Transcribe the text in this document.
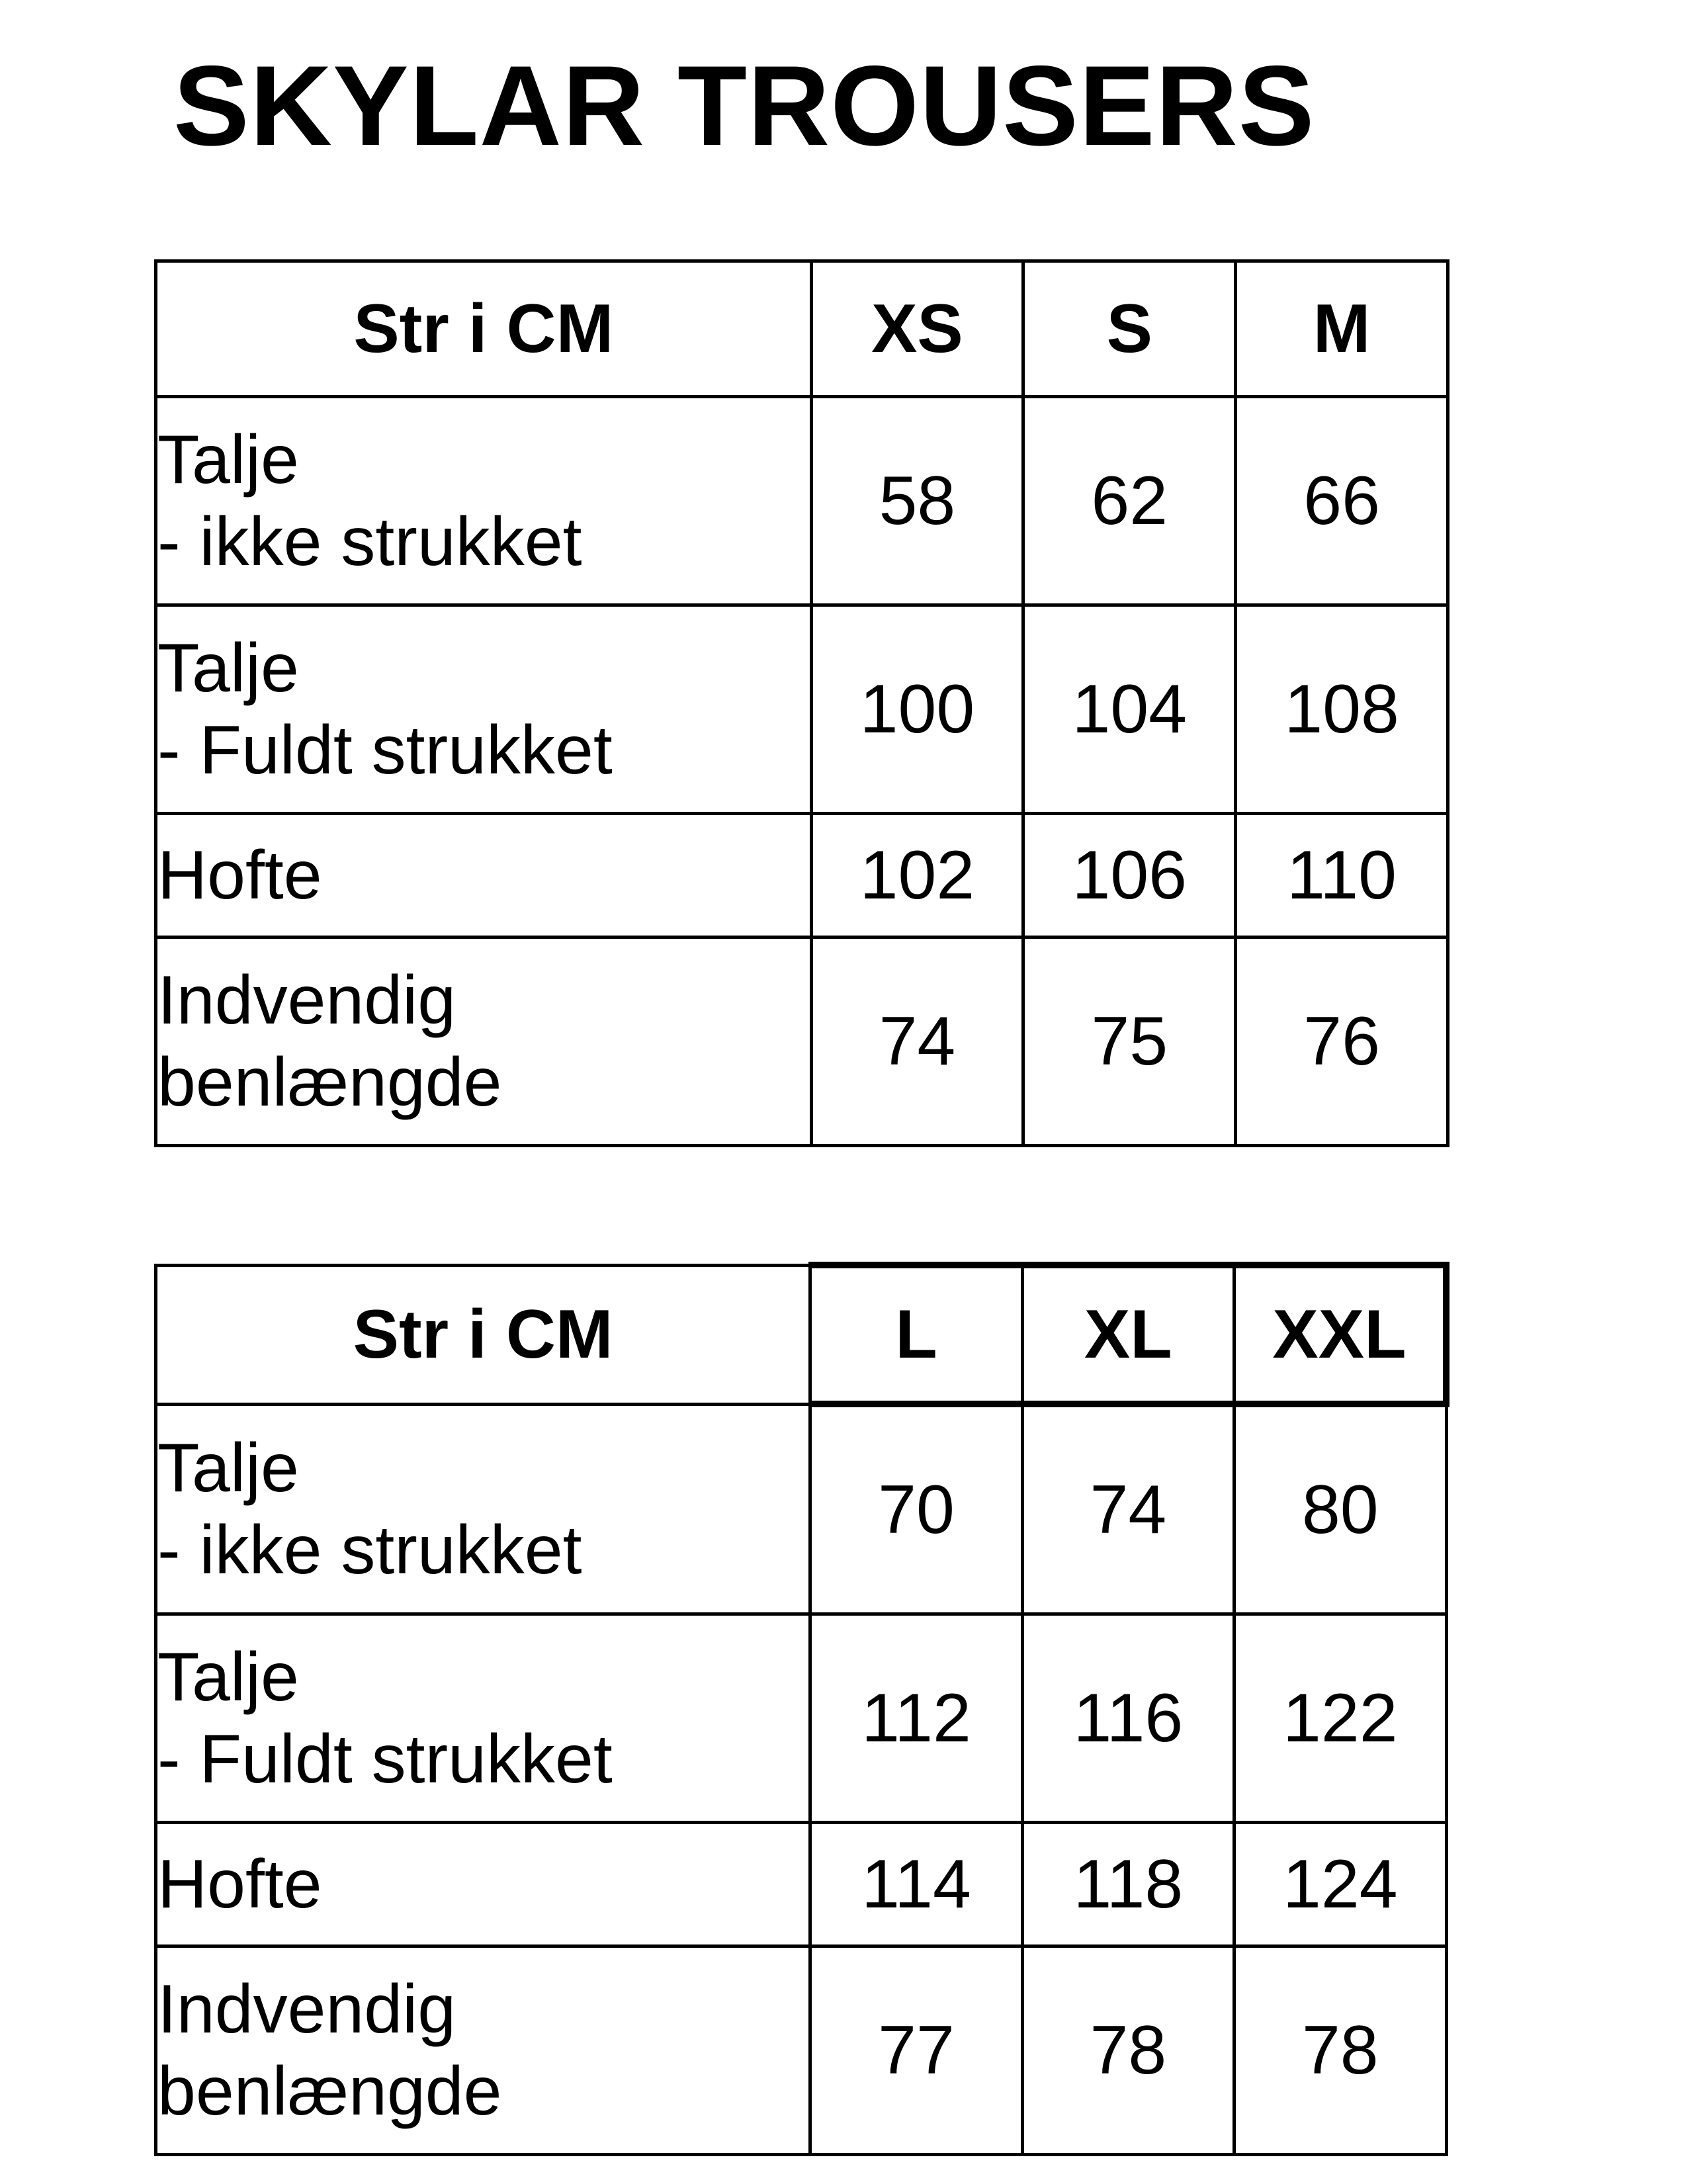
SKYLAR TROUSERS
Str i CM	XS	S	M

Talje
- ikke strukket	58	62	66

Talje
- Fuldt strukket	100	104	108

Hofte	102	106	110

Indvendig
benlængde	74	75	76
Str i CM	L	XL	XXL

Talje
- ikke strukket	70	74	80

Talje
- Fuldt strukket	112	116	122

Hofte	114	118	124

Indvendig
benlængde	77	78	78
